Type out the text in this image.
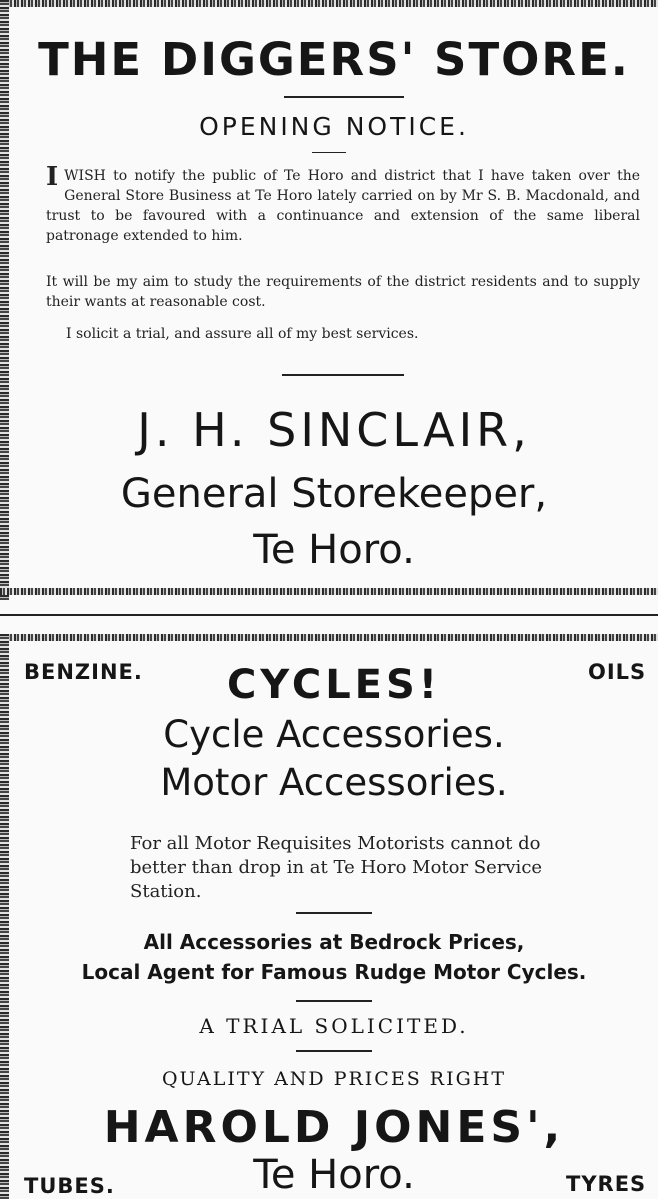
THE DIGGERS' STORE.
OPENING NOTICE.
I WISH to notify the public of Te Horo and district that I have taken over the General Store Business at Te Horo lately carried on by Mr S. B. Macdonald, and trust to be favoured with a continuance and extension of the same liberal patronage extended to him.
It will be my aim to study the requirements of the district residents and to supply their wants at reasonable cost.
I solicit a trial, and assure all of my best services.
J. H. SINCLAIR,
General Storekeeper,
Te Horo.
BENZINE.	OILS
CYCLES!
Cycle Accessories.
Motor Accessories.
For all Motor Requisites Motorists cannot do better than drop in at Te Horo Motor Service Station.
All Accessories at Bedrock Prices,
Local Agent for Famous Rudge Motor Cycles.
A TRIAL SOLICITED.
QUALITY AND PRICES RIGHT
HAROLD JONES',
Te Horo.
TUBES.	TYRES
